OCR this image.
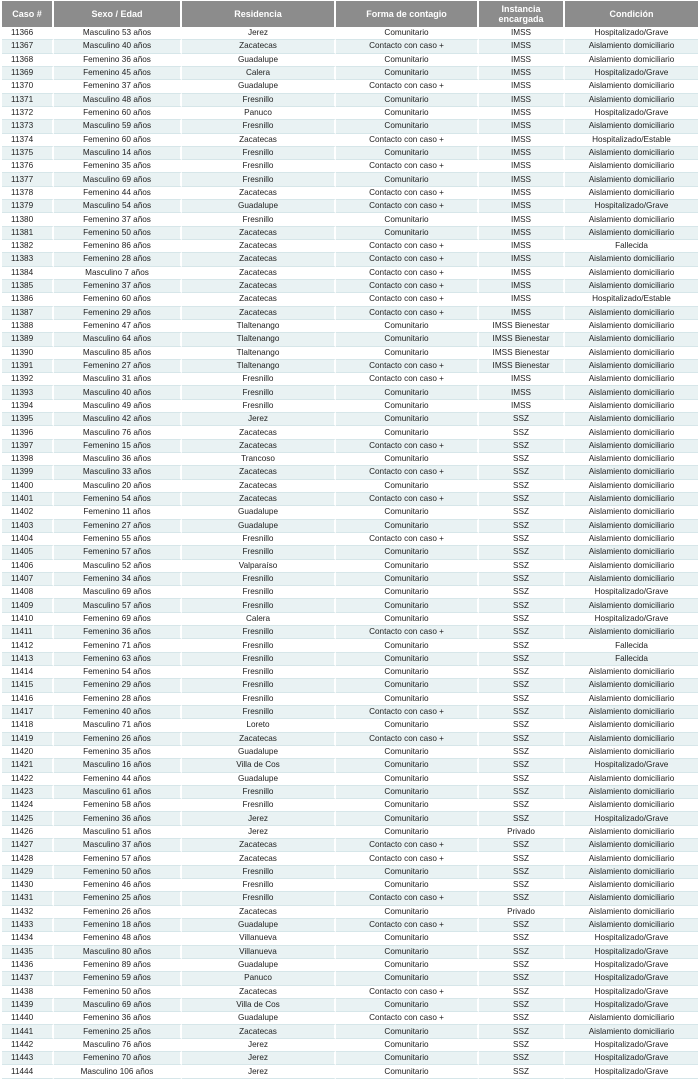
Caso #	Sexo / Edad	Residencia	Forma de contagio	Instancia encargada	Condición
11366	Masculino 53 años	Jerez	Comunitario	IMSS	Hospitalizado/Grave
11367	Masculino 40 años	Zacatecas	Contacto con caso +	IMSS	Aislamiento domiciliario
11368	Femenino 36 años	Guadalupe	Comunitario	IMSS	Aislamiento domiciliario
11369	Femenino 45 años	Calera	Comunitario	IMSS	Hospitalizado/Grave
11370	Femenino 37 años	Guadalupe	Contacto con caso +	IMSS	Aislamiento domiciliario
11371	Masculino 48 años	Fresnillo	Comunitario	IMSS	Aislamiento domiciliario
11372	Femenino 60 años	Panuco	Comunitario	IMSS	Hospitalizado/Grave
11373	Masculino 59 años	Fresnillo	Comunitario	IMSS	Aislamiento domiciliario
11374	Femenino 60 años	Zacatecas	Contacto con caso +	IMSS	Hospitalizado/Estable
11375	Masculino 14 años	Fresnillo	Comunitario	IMSS	Aislamiento domiciliario
11376	Femenino 35 años	Fresnillo	Contacto con caso +	IMSS	Aislamiento domiciliario
11377	Masculino 69 años	Fresnillo	Comunitario	IMSS	Aislamiento domiciliario
11378	Femenino 44 años	Zacatecas	Contacto con caso +	IMSS	Aislamiento domiciliario
11379	Masculino 54 años	Guadalupe	Contacto con caso +	IMSS	Hospitalizado/Grave
11380	Femenino 37 años	Fresnillo	Comunitario	IMSS	Aislamiento domiciliario
11381	Femenino 50 años	Zacatecas	Comunitario	IMSS	Aislamiento domiciliario
11382	Femenino 86 años	Zacatecas	Contacto con caso +	IMSS	Fallecida
11383	Femenino 28 años	Zacatecas	Contacto con caso +	IMSS	Aislamiento domiciliario
11384	Masculino 7 años	Zacatecas	Contacto con caso +	IMSS	Aislamiento domiciliario
11385	Femenino 37 años	Zacatecas	Contacto con caso +	IMSS	Aislamiento domiciliario
11386	Femenino 60 años	Zacatecas	Contacto con caso +	IMSS	Hospitalizado/Estable
11387	Femenino 29 años	Zacatecas	Contacto con caso +	IMSS	Aislamiento domiciliario
11388	Femenino 47 años	Tlaltenango	Comunitario	IMSS Bienestar	Aislamiento domiciliario
11389	Masculino 64 años	Tlaltenango	Comunitario	IMSS Bienestar	Aislamiento domiciliario
11390	Masculino 85 años	Tlaltenango	Comunitario	IMSS Bienestar	Aislamiento domiciliario
11391	Femenino 27 años	Tlaltenango	Contacto con caso +	IMSS Bienestar	Aislamiento domiciliario
11392	Masculino 31 años	Fresnillo	Contacto con caso +	IMSS	Aislamiento domiciliario
11393	Masculino 40 años	Fresnillo	Comunitario	IMSS	Aislamiento domiciliario
11394	Masculino 49 años	Fresnillo	Comunitario	IMSS	Aislamiento domiciliario
11395	Masculino 42 años	Jerez	Comunitario	SSZ	Aislamiento domiciliario
11396	Masculino 76 años	Zacatecas	Comunitario	SSZ	Aislamiento domiciliario
11397	Femenino 15 años	Zacatecas	Contacto con caso +	SSZ	Aislamiento domiciliario
11398	Masculino 36 años	Trancoso	Comunitario	SSZ	Aislamiento domiciliario
11399	Masculino 33 años	Zacatecas	Contacto con caso +	SSZ	Aislamiento domiciliario
11400	Masculino 20 años	Zacatecas	Comunitario	SSZ	Aislamiento domiciliario
11401	Femenino 54 años	Zacatecas	Contacto con caso +	SSZ	Aislamiento domiciliario
11402	Femenino 11 años	Guadalupe	Comunitario	SSZ	Aislamiento domiciliario
11403	Femenino 27 años	Guadalupe	Comunitario	SSZ	Aislamiento domiciliario
11404	Femenino 55 años	Fresnillo	Contacto con caso +	SSZ	Aislamiento domiciliario
11405	Femenino 57 años	Fresnillo	Comunitario	SSZ	Aislamiento domiciliario
11406	Masculino 52 años	Valparaíso	Comunitario	SSZ	Aislamiento domiciliario
11407	Femenino 34 años	Fresnillo	Comunitario	SSZ	Aislamiento domiciliario
11408	Masculino 69 años	Fresnillo	Comunitario	SSZ	Hospitalizado/Grave
11409	Masculino 57 años	Fresnillo	Comunitario	SSZ	Aislamiento domiciliario
11410	Femenino 69 años	Calera	Comunitario	SSZ	Hospitalizado/Grave
11411	Femenino 36 años	Fresnillo	Contacto con caso +	SSZ	Aislamiento domiciliario
11412	Femenino 71 años	Fresnillo	Comunitario	SSZ	Fallecida
11413	Femenino 63 años	Fresnillo	Comunitario	SSZ	Fallecida
11414	Femenino 54 años	Fresnillo	Comunitario	SSZ	Aislamiento domiciliario
11415	Femenino 29 años	Fresnillo	Comunitario	SSZ	Aislamiento domiciliario
11416	Femenino 28 años	Fresnillo	Comunitario	SSZ	Aislamiento domiciliario
11417	Femenino 40 años	Fresnillo	Contacto con caso +	SSZ	Aislamiento domiciliario
11418	Masculino 71 años	Loreto	Comunitario	SSZ	Aislamiento domiciliario
11419	Femenino 26 años	Zacatecas	Contacto con caso +	SSZ	Aislamiento domiciliario
11420	Femenino 35 años	Guadalupe	Comunitario	SSZ	Aislamiento domiciliario
11421	Masculino 16 años	Villa de Cos	Comunitario	SSZ	Hospitalizado/Grave
11422	Femenino 44 años	Guadalupe	Comunitario	SSZ	Aislamiento domiciliario
11423	Masculino 61 años	Fresnillo	Comunitario	SSZ	Aislamiento domiciliario
11424	Femenino 58 años	Fresnillo	Comunitario	SSZ	Aislamiento domiciliario
11425	Femenino 36 años	Jerez	Comunitario	SSZ	Hospitalizado/Grave
11426	Masculino 51 años	Jerez	Comunitario	Privado	Aislamiento domiciliario
11427	Masculino 37 años	Zacatecas	Contacto con caso +	SSZ	Aislamiento domiciliario
11428	Femenino 57 años	Zacatecas	Contacto con caso +	SSZ	Aislamiento domiciliario
11429	Femenino 50 años	Fresnillo	Comunitario	SSZ	Aislamiento domiciliario
11430	Femenino 46 años	Fresnillo	Comunitario	SSZ	Aislamiento domiciliario
11431	Femenino 25 años	Fresnillo	Contacto con caso +	SSZ	Aislamiento domiciliario
11432	Femenino 26 años	Zacatecas	Comunitario	Privado	Aislamiento domiciliario
11433	Femenino 18 años	Guadalupe	Contacto con caso +	SSZ	Aislamiento domiciliario
11434	Femenino 48 años	Villanueva	Comunitario	SSZ	Hospitalizado/Grave
11435	Masculino 80 años	Villanueva	Comunitario	SSZ	Hospitalizado/Grave
11436	Femenino 89 años	Guadalupe	Comunitario	SSZ	Hospitalizado/Grave
11437	Femenino 59 años	Panuco	Comunitario	SSZ	Hospitalizado/Grave
11438	Femenino 50 años	Zacatecas	Contacto con caso +	SSZ	Hospitalizado/Grave
11439	Masculino 69 años	Villa de Cos	Comunitario	SSZ	Hospitalizado/Grave
11440	Femenino 36 años	Guadalupe	Contacto con caso +	SSZ	Aislamiento domiciliario
11441	Femenino 25 años	Zacatecas	Comunitario	SSZ	Aislamiento domiciliario
11442	Masculino 76 años	Jerez	Comunitario	SSZ	Hospitalizado/Grave
11443	Femenino 70 años	Jerez	Comunitario	SSZ	Hospitalizado/Grave
11444	Masculino 106 años	Jerez	Comunitario	SSZ	Hospitalizado/Grave
